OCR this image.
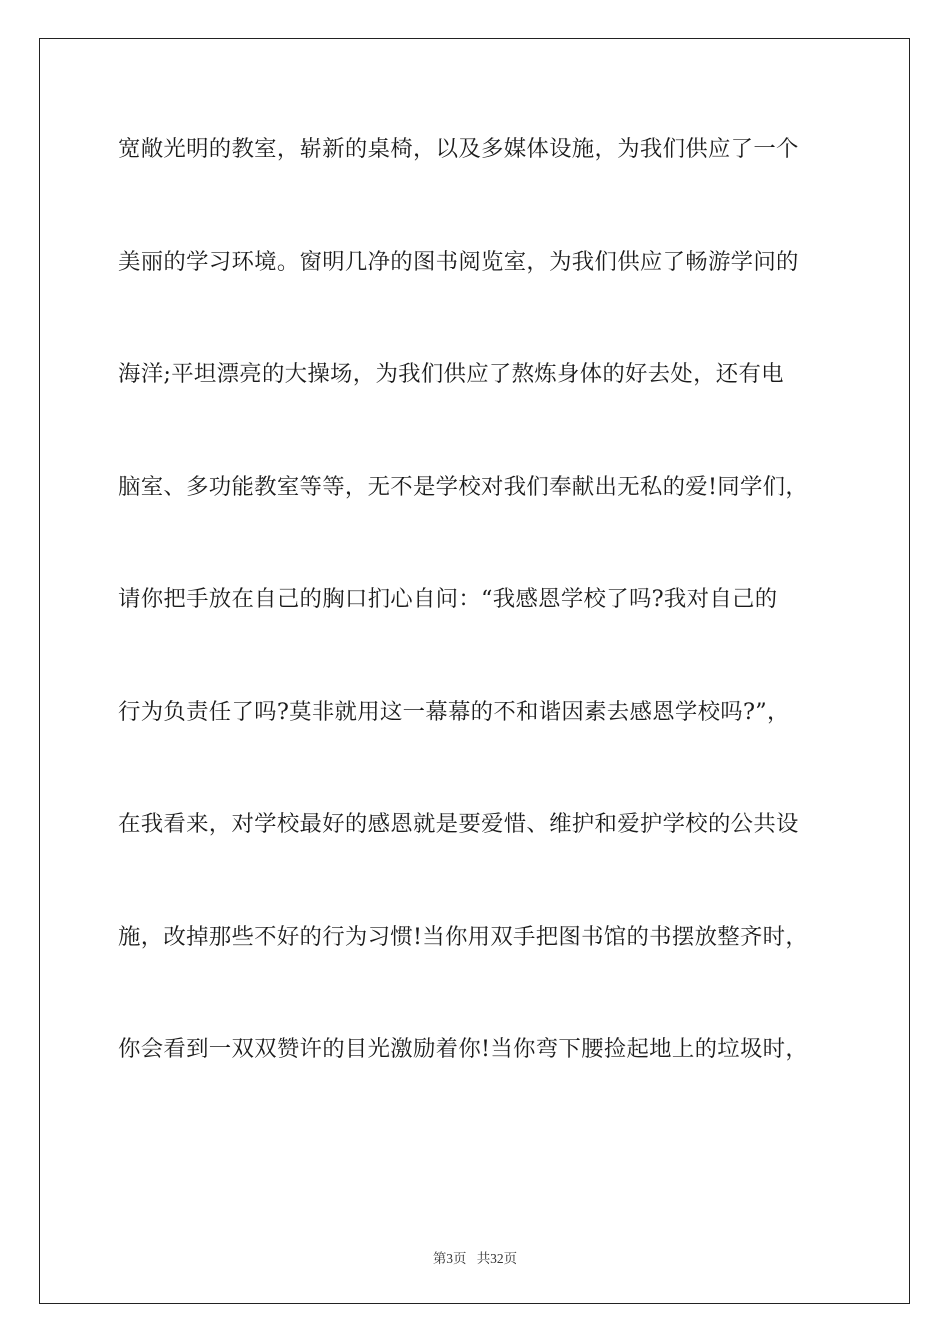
宽敞光明的教室，崭新的桌椅，以及多媒体设施，为我们供应了一个
美丽的学习环境。窗明几净的图书阅览室，为我们供应了畅游学问的
海洋;平坦漂亮的大操场，为我们供应了熬炼身体的好去处，还有电
脑室、多功能教室等等，无不是学校对我们奉献出无私的爱!同学们，
请你把手放在自己的胸口扪心自问：“我感恩学校了吗?我对自己的
行为负责任了吗?莫非就用这一幕幕的不和谐因素去感恩学校吗?”，
在我看来，对学校最好的感恩就是要爱惜、维护和爱护学校的公共设
施，改掉那些不好的行为习惯!当你用双手把图书馆的书摆放整齐时，
你会看到一双双赞许的目光激励着你!当你弯下腰捡起地上的垃圾时，
第3页 共32页
